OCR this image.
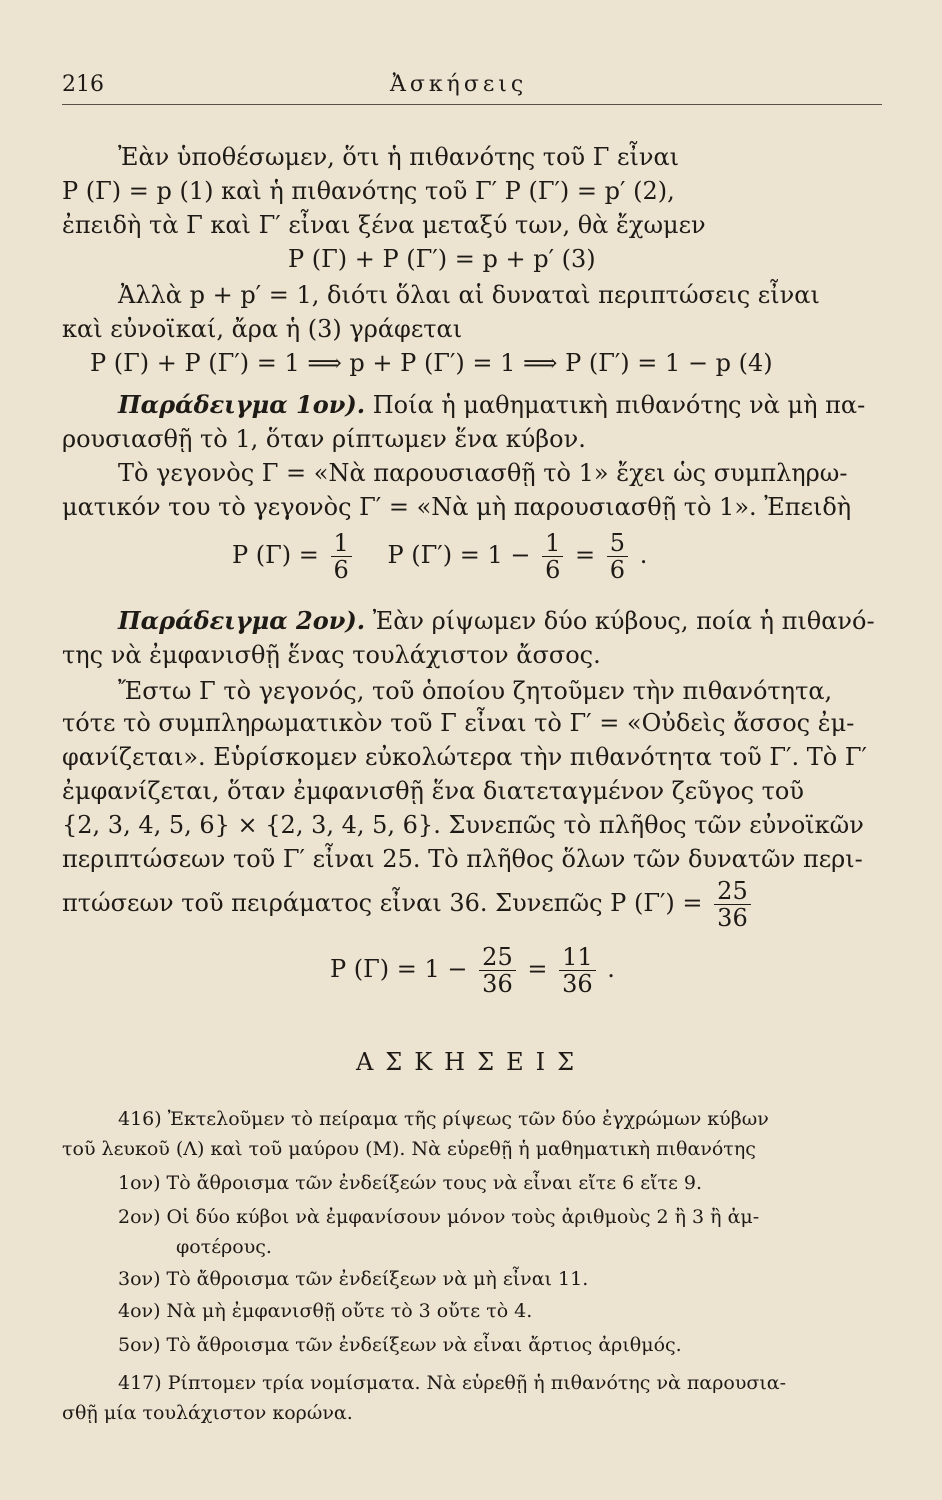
216	Ἀσκήσεις
Ἐὰν ὑποθέσωμεν, ὅτι ἡ πιθανότης τοῦ Γ εἶναι
P (Γ) = p (1) καὶ ἡ πιθανότης τοῦ Γ′ P (Γ′) = p′ (2),
ἐπειδὴ τὰ Γ καὶ Γ′ εἶναι ξένα μεταξύ των, θὰ ἔχωμεν
P (Γ) + P (Γ′) = p + p′ (3)
Ἀλλὰ p + p′ = 1, διότι ὅλαι αἱ δυναταὶ περιπτώσεις εἶναι
καὶ εὐνοϊκαί, ἄρα ἡ (3) γράφεται
P (Γ) + P (Γ′) = 1 ⟹ p + P (Γ′) = 1 ⟹ P (Γ′) = 1 − p (4)
Παράδειγμα 1ον). Ποία ἡ μαθηματικὴ πιθανότης νὰ μὴ πα-
ρουσιασθῇ τὸ 1, ὅταν ρίπτωμεν ἕνα κύβον.
Τὸ γεγονὸς Γ = «Νὰ παρουσιασθῇ τὸ 1» ἔχει ὡς συμπληρω-
ματικόν του τὸ γεγονὸς Γ′ = «Νὰ μὴ παρουσιασθῇ τὸ 1». Ἐπειδὴ
P $(\Gamma) = \frac{1}{6}$ P $(\Gamma') = 1 - \frac{1}{6} = \frac{5}{6}$ .
Παράδειγμα 2ον). Ἐὰν ρίψωμεν δύο κύβους, ποία ἡ πιθανό-
της νὰ ἐμφανισθῇ ἕνας τουλάχιστον ἄσσος.
Ἔστω Γ τὸ γεγονός, τοῦ ὁποίου ζητοῦμεν τὴν πιθανότητα,
τότε τὸ συμπληρωματικὸν τοῦ Γ εἶναι τὸ Γ′ = «Οὐδεὶς ἄσσος ἐμ-
φανίζεται». Εὑρίσκομεν εὐκολώτερα τὴν πιθανότητα τοῦ Γ′. Τὸ Γ′
ἐμφανίζεται, ὅταν ἐμφανισθῇ ἕνα διατεταγμένον ζεῦγος τοῦ
{2, 3, 4, 5, 6} × {2, 3, 4, 5, 6}. Συνεπῶς τὸ πλῆθος τῶν εὐνοϊκῶν
περιπτώσεων τοῦ Γ′ εἶναι 25. Τὸ πλῆθος ὅλων τῶν δυνατῶν περι-
πτώσεων τοῦ πειράματος εἶναι 36. Συνεπῶς P $(\Gamma') = \frac{25}{36}$
P $(\Gamma) = 1 - \frac{25}{36} = \frac{11}{36}$ .
ΑΣΚΗΣΕΙΣ
416) Ἐκτελοῦμεν τὸ πείραμα τῆς ρίψεως τῶν δύο ἐγχρώμων κύβων
τοῦ λευκοῦ (Λ) καὶ τοῦ μαύρου (Μ). Νὰ εὑρεθῇ ἡ μαθηματικὴ πιθανότης
1ον) Τὸ ἄθροισμα τῶν ἐνδείξεών τους νὰ εἶναι εἴτε 6 εἴτε 9.
2ον) Οἱ δύο κύβοι νὰ ἐμφανίσουν μόνον τοὺς ἀριθμοὺς 2 ἢ 3 ἢ ἀμ-
φοτέρους.
3ον) Τὸ ἄθροισμα τῶν ἐνδείξεων νὰ μὴ εἶναι 11.
4ον) Νὰ μὴ ἐμφανισθῇ οὔτε τὸ 3 οὔτε τὸ 4.
5ον) Τὸ ἄθροισμα τῶν ἐνδείξεων νὰ εἶναι ἄρτιος ἀριθμός.
417) Ρίπτομεν τρία νομίσματα. Νὰ εὑρεθῇ ἡ πιθανότης νὰ παρουσια-
σθῇ μία τουλάχιστον κορώνα.
